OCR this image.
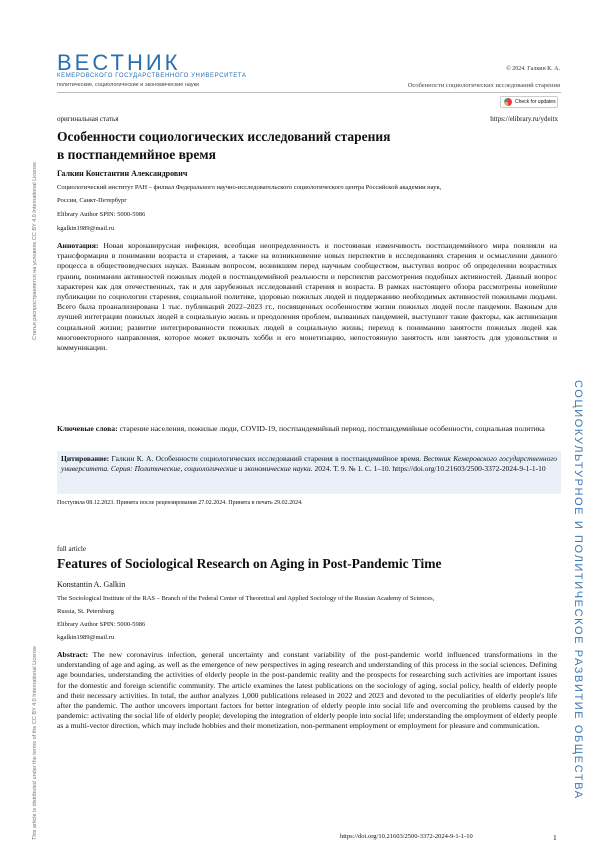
ВЕСТНИК
КЕМЕРОВСКОГО ГОСУДАРСТВЕННОГО УНИВЕРСИТЕТА
политические, социологические и экономические науки
© 2024. Галкин К. А.
Особенности социологических исследований старения
Check for updates
Статья распространяется на условиях CC BY 4.0 International License
This article is distributed under the terms of the CC BY 4.0 International License	СОЦИОКУЛЬТУРНОЕ И ПОЛИТИЧЕСКОЕ РАЗВИТИЕ ОБЩЕСТВА
оригинальная статья	https://elibrary.ru/ydeitx
Особенности социологических исследований старения
в постпандемийное время
Галкин Константин Александрович
Социологический институт РАН – филиал Федерального научно-исследовательского социологического центра Российской академии наук,
Россия, Санкт-Петербург
Elibrary Author SPIN: 5000-5986
kgalkin1989@mail.ru
Аннотация: Новая коронавирусная инфекция, всеобщая неопределенность и постоянная изменчивость постпандемийного мира повлияли на трансформации в понимании возраста и старения, а также на возникновение новых перспектив в исследованиях старения и осмыслении данного процесса в обществоведческих науках. Важным вопросом, возникшим перед научным сообществом, выступил вопрос об определении возрастных границ, понимании активностей пожилых людей в постпандемийной реальности и перспектив рассмотрения подобных активностей. Данный вопрос характерен как для отечественных, так и для зарубежных исследований старения и возраста. В рамках настоящего обзора рассмотрены новейшие публикации по социологии старения, социальной политике, здоровью пожилых людей и поддержанию необходимых активностей пожилыми людьми. Всего была проанализирована 1 тыс. публикаций 2022–2023 гг., посвященных особенностям жизни пожилых людей после пандемии. Важным для лучшей интеграции пожилых людей в социальную жизнь и преодоления проблем, вызванных пандемией, выступают такие факторы, как активизация социальной жизни; развитие интегрированности пожилых людей в социальную жизнь; переход к пониманию занятости пожилых людей как многовекторного направления, которое может включать хобби и его монетизацию, непостоянную занятость или занятость для удовольствия и коммуникации.
Ключевые слова: старение населения, пожилые люди, COVID-19, постпандемийный период, постпандемийные особенности, социальная политика
Цитирование: Галкин К. А. Особенности социологических исследований старения в постпандемийное время. Вестник Кемеровского государственного университета. Серия: Политические, социологические и экономические науки. 2024. Т. 9. № 1. С. 1–10. https://doi.org/10.21603/2500-3372-2024-9-1-1-10
Поступила 08.12.2023. Принята после рецензирования 27.02.2024. Принята в печать 29.02.2024.
full article
Features of Sociological Research on Aging in Post-Pandemic Time
Konstantin A. Galkin
The Sociological Institute of the RAS – Branch of the Federal Center of Theoretical and Applied Sociology of the Russian Academy of Sciences,
Russia, St. Petersburg
Elibrary Author SPIN: 5000-5986
kgalkin1989@mail.ru
Abstract: The new coronavirus infection, general uncertainty and constant variability of the post-pandemic world influenced transformations in the understanding of age and aging, as well as the emergence of new perspectives in aging research and understanding of this process in the social sciences. Defining age boundaries, understanding the activities of elderly people in the post-pandemic reality and the prospects for researching such activities are important issues for the domestic and foreign scientific community. The article examines the latest publications on the sociology of aging, social policy, health of elderly people and their necessary activities. In total, the author analyzes 1,000 publications released in 2022 and 2023 and devoted to the peculiarities of elderly people's life after the pandemic. The author uncovers important factors for better integration of elderly people into social life and overcoming the problems caused by the pandemic: activating the social life of elderly people; developing the integration of elderly people into social life; understanding the employment of elderly people as a multi-vector direction, which may include hobbies and their monetization, non-permanent employment or employment for pleasure and communication.
https://doi.org/10.21603/2500-3372-2024-9-1-1-10	1
